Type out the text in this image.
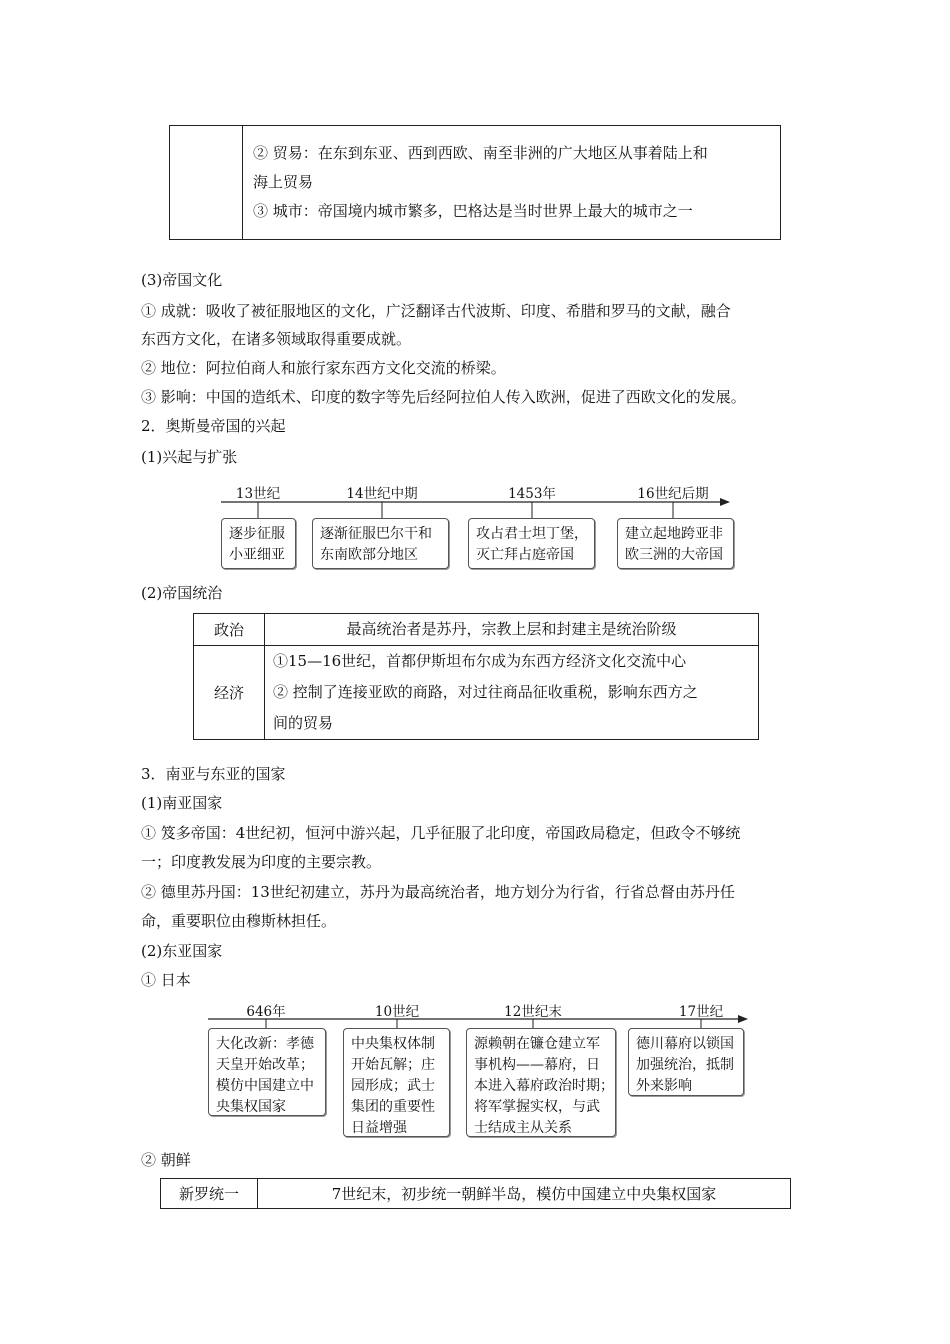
② 贸易：在东到东亚、西到西欧、南至非洲的广大地区从事着陆上和
海上贸易
③ 城市：帝国境内城市繁多，巴格达是当时世界上最大的城市之一
(3)帝国文化
① 成就：吸收了被征服地区的文化，广泛翻译古代波斯、印度、希腊和罗马的文献，融合
东西方文化，在诸多领域取得重要成就。
② 地位：阿拉伯商人和旅行家东西方文化交流的桥梁。
③ 影响：中国的造纸术、印度的数字等先后经阿拉伯人传入欧洲，促进了西欧文化的发展。
2．奥斯曼帝国的兴起
(1)兴起与扩张
13世纪	14世纪中期	1453年	16世纪后期
逐步征服
小亚细亚
逐渐征服巴尔干和
东南欧部分地区
攻占君士坦丁堡，
灭亡拜占庭帝国
建立起地跨亚非
欧三洲的大帝国
(2)帝国统治
政治	最高统治者是苏丹，宗教上层和封建主是统治阶级
经济	①15—16世纪，首都伊斯坦布尔成为东西方经济文化交流中心
② 控制了连接亚欧的商路，对过往商品征收重税，影响东西方之
间的贸易
3．南亚与东亚的国家
(1)南亚国家
① 笈多帝国：4世纪初，恒河中游兴起，几乎征服了北印度，帝国政局稳定，但政令不够统
一；印度教发展为印度的主要宗教。
② 德里苏丹国：13世纪初建立，苏丹为最高统治者，地方划分为行省，行省总督由苏丹任
命，重要职位由穆斯林担任。
(2)东亚国家
① 日本
646年	10世纪	12世纪末	17世纪
大化改新：孝德
天皇开始改革；
模仿中国建立中
央集权国家
中央集权体制
开始瓦解；庄
园形成；武士
集团的重要性
日益增强
源赖朝在镰仓建立军
事机构——幕府，日
本进入幕府政治时期；
将军掌握实权，与武
士结成主从关系
德川幕府以锁国
加强统治，抵制
外来影响
② 朝鲜
新罗统一	7世纪末，初步统一朝鲜半岛，模仿中国建立中央集权国家
